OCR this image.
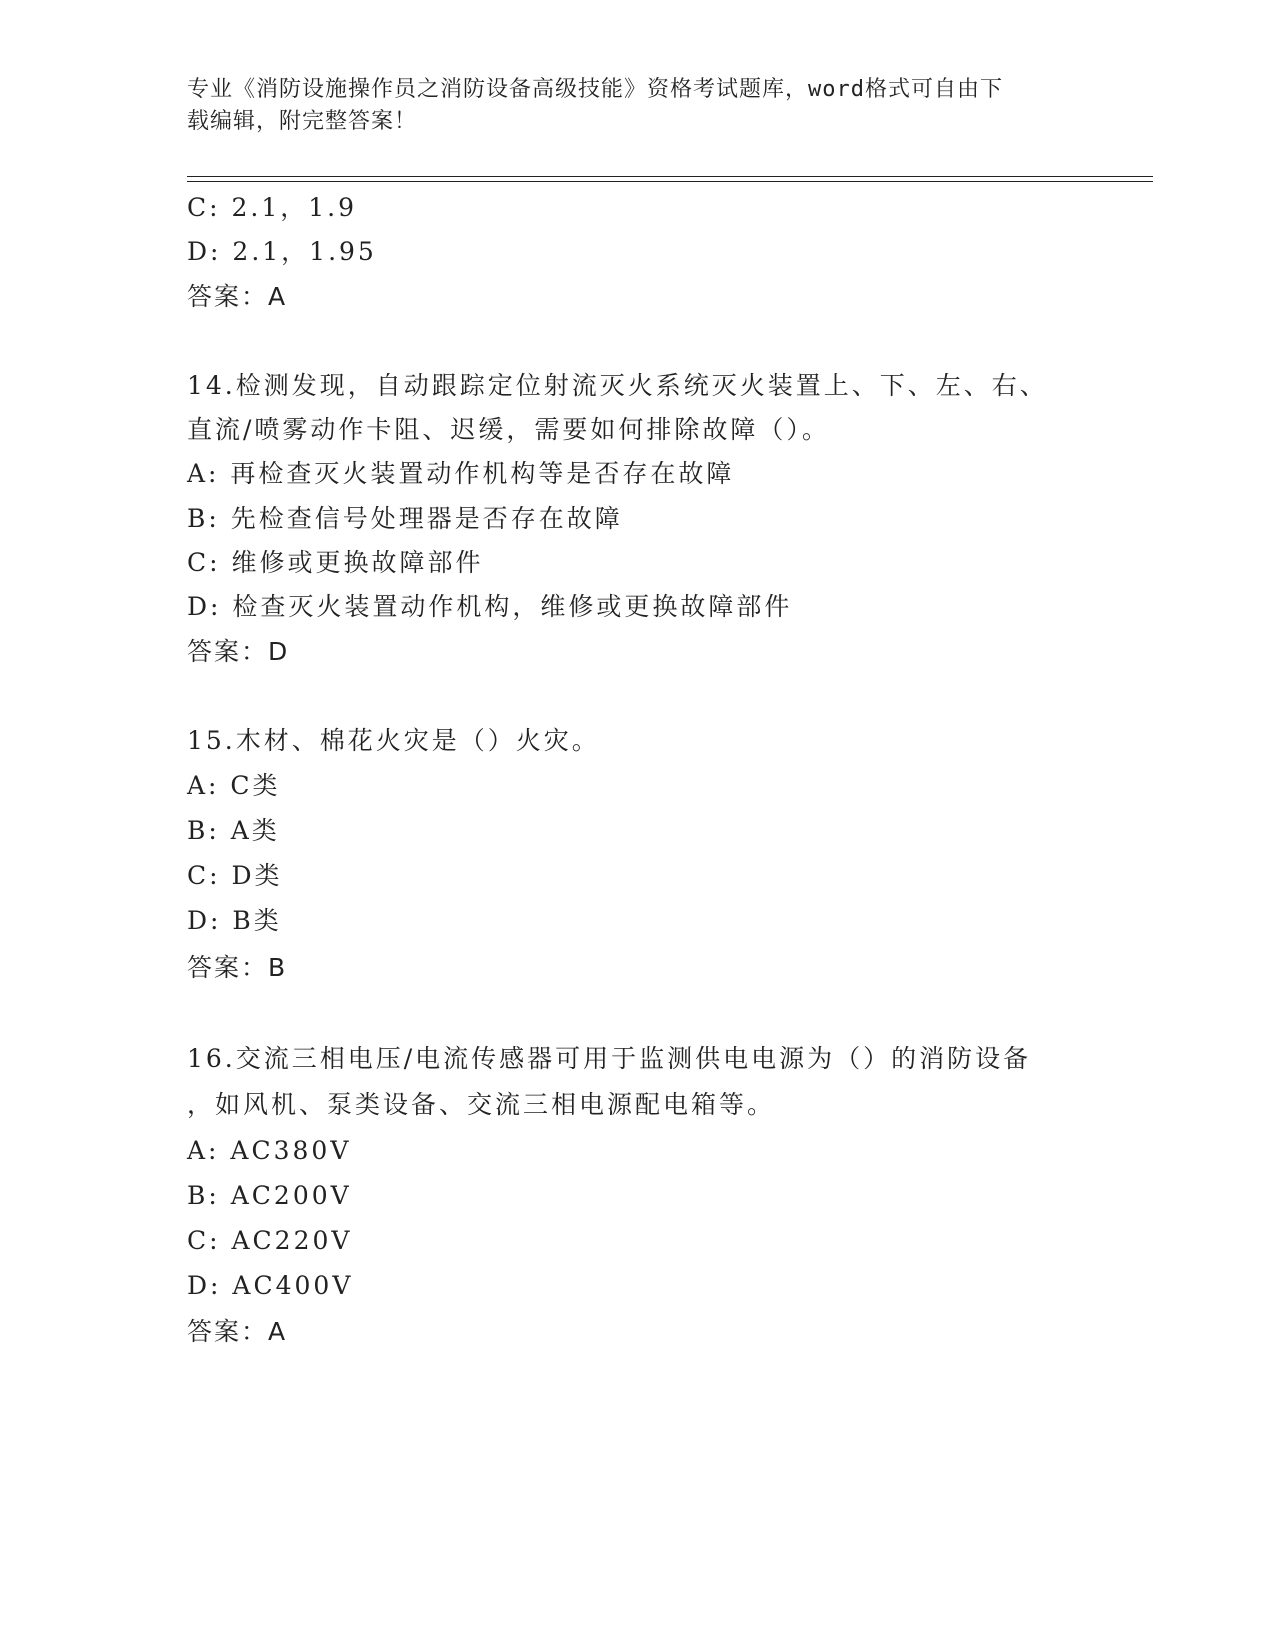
专业《消防设施操作员之消防设备高级技能》资格考试题库，word格式可自由下
载编辑，附完整答案！
C: 2.1，1.9
D: 2.1，1.95
答案：A
14.检测发现，自动跟踪定位射流灭火系统灭火装置上、下、左、右、
直流/喷雾动作卡阻、迟缓，需要如何排除故障（）。
A: 再检查灭火装置动作机构等是否存在故障
B: 先检查信号处理器是否存在故障
C: 维修或更换故障部件
D: 检查灭火装置动作机构，维修或更换故障部件
答案：D
15.木材、棉花火灾是（）火灾。
A: C类
B: A类
C: D类
D: B类
答案：B
16.交流三相电压/电流传感器可用于监测供电电源为（）的消防设备
，如风机、泵类设备、交流三相电源配电箱等。
A: AC380V
B: AC200V
C: AC220V
D: AC400V
答案：A
